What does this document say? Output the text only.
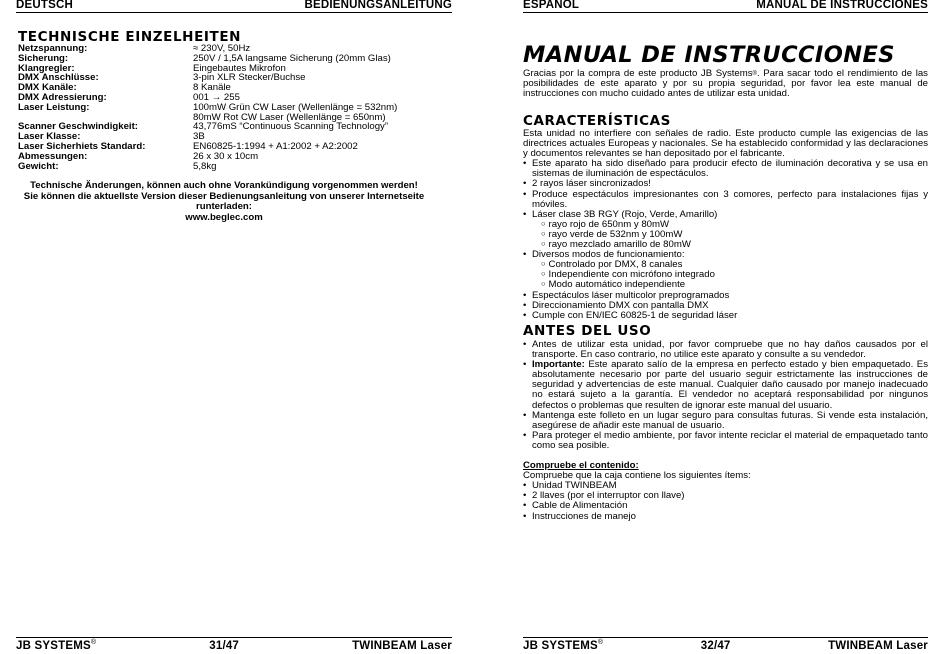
DEUTSCH	BEDIENUNGSANLEITUNG
TECHNISCHE EINZELHEITEN
Netzspannung:	≈ 230V, 50Hz
Sicherung:	250V / 1,5A langsame Sicherung (20mm Glas)
Klangregler:	Eingebautes Mikrofon
DMX Anschlüsse:	3-pin XLR Stecker/Buchse
DMX Kanäle:	8 Kanäle
DMX Adressierung:	001 → 255
Laser Leistung:	100mW Grün CW Laser (Wellenlänge = 532nm)
80mW Rot CW Laser (Wellenlänge = 650nm)
Scanner Geschwindigkeit:	43,776mS “Continuous Scanning Technology”
Laser Klasse:	3B
Laser Sicherhiets Standard:	EN60825-1:1994 + A1:2002 + A2:2002
Abmessungen:	26 x 30 x 10cm
Gewicht:	5,8kg
Technische Änderungen, können auch ohne Vorankündigung vorgenommen werden!
Sie können die aktuellste Version dieser Bedienungsanleitung von unserer Internetseite runterladen:
www.beglec.com
JB SYSTEMS®	31/47	TWINBEAM Laser
ESPAÑOL	MANUAL DE INSTRUCCIONES
MANUAL DE INSTRUCCIONES
Gracias por la compra de este producto JB Systems®. Para sacar todo el rendimiento de las posibilidades de este aparato y por su propia seguridad, por favor lea este manual de instrucciones con mucho cuidado antes de utilizar esta unidad.
CARACTERÍSTICAS
Esta unidad no interfiere con señales de radio. Este producto cumple las exigencias de las directrices actuales Europeas y nacionales. Se ha establecido conformidad y las declaraciones y documentos relevantes se han depositado por el fabricante.
• Este aparato ha sido diseñado para producir efecto de iluminación decorativa y se usa en sistemas de iluminación de espectáculos.
• 2 rayos láser sincronizados!
• Produce espectáculos impresionantes con 3 comores, perfecto para instalaciones fijas y móviles.
• Láser clase 3B RGY (Rojo, Verde, Amarillo)
○ rayo rojo de 650nm y 80mW
○ rayo verde de 532nm y 100mW
○ rayo mezclado amarillo de 80mW
• Diversos modos de funcionamiento:
○ Controlado por DMX, 8 canales
○ Independiente con micrófono integrado
○ Modo automático independiente
• Espectáculos láser multicolor preprogramados
• Direccionamiento DMX con pantalla DMX
• Cumple con EN/IEC 60825-1 de seguridad láser
ANTES DEL USO
• Antes de utilizar esta unidad, por favor compruebe que no hay daños causados por el transporte. En caso contrario, no utilice este aparato y consulte a su vendedor.
• Importante: Este aparato salío de la empresa en perfecto estado y bien empaquetado. Es absolutamente necesario por parte del usuario seguir estrictamente las instrucciones de seguridad y advertencias de este manual. Cualquier daño causado por manejo inadecuado no estará sujeto a la garantía. El vendedor no aceptará responsabilidad por ningunos defectos o problemas que resulten de ignorar este manual del usuario.
• Mantenga este folleto en un lugar seguro para consultas futuras. Si vende esta instalación, asegúrese de añadir este manual de usuario.
• Para proteger el medio ambiente, por favor intente reciclar el material de empaquetado tanto como sea posible.
Compruebe el contenido:
Compruebe que la caja contiene los siguientes ítems:
• Unidad TWINBEAM
• 2 llaves (por el interruptor con llave)
• Cable de Alimentación
• Instrucciones de manejo
JB SYSTEMS®	32/47	TWINBEAM Laser
